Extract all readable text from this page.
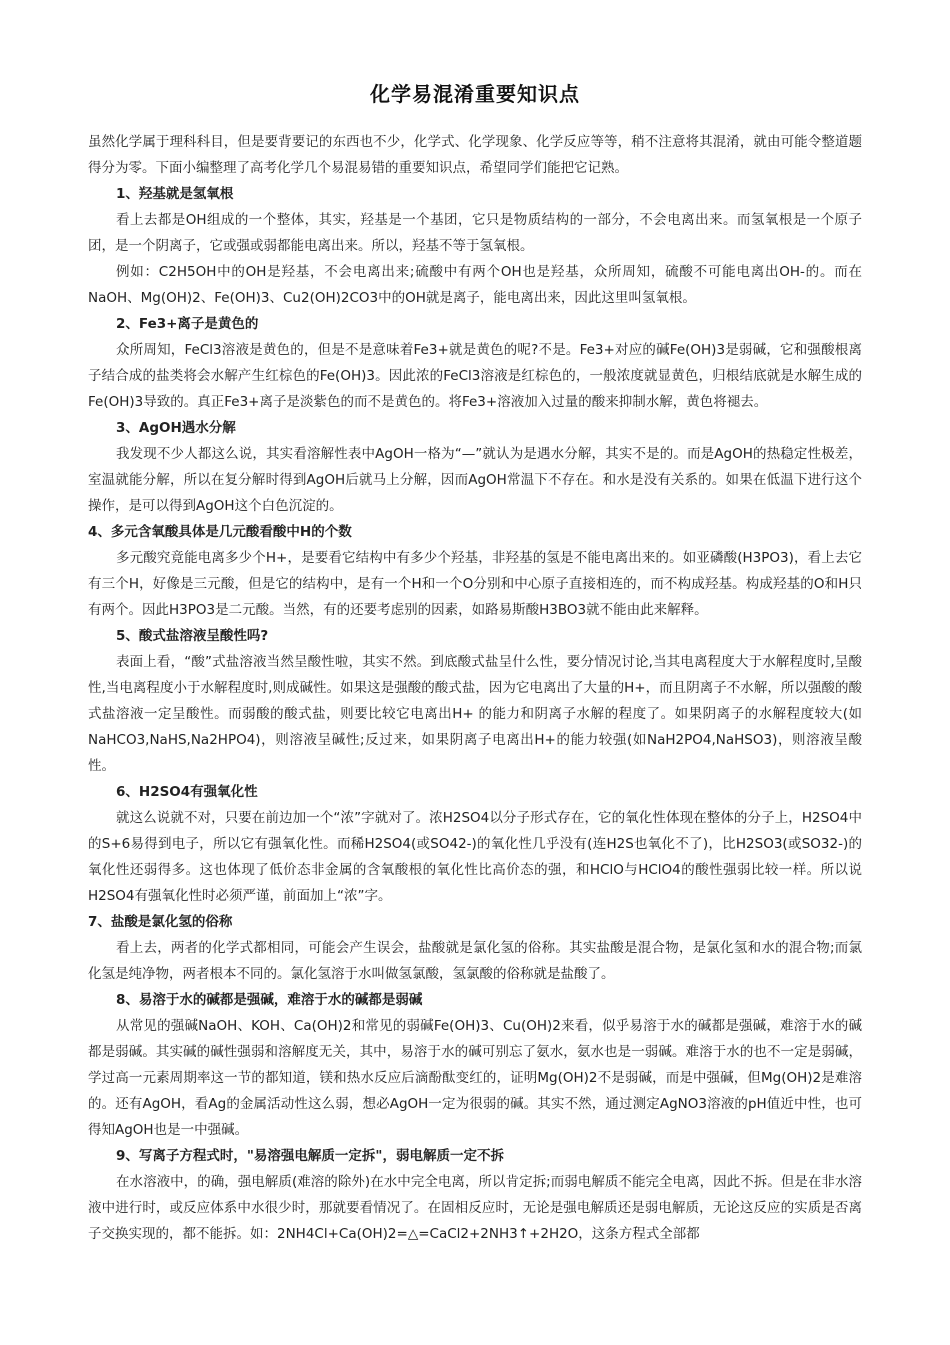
化学易混淆重要知识点

虽然化学属于理科科目，但是要背要记的东西也不少，化学式、化学现象、化学反应等等，稍不注意将其混淆，就由可能令整道题得分为零。下面小编整理了高考化学几个易混易错的重要知识点，希望同学们能把它记熟。

1、羟基就是氢氧根

看上去都是OH组成的一个整体，其实，羟基是一个基团，它只是物质结构的一部分，不会电离出来。而氢氧根是一个原子团，是一个阴离子，它或强或弱都能电离出来。所以，羟基不等于氢氧根。

例如：C2H5OH中的OH是羟基，不会电离出来;硫酸中有两个OH也是羟基，众所周知，硫酸不可能电离出OH-的。而在NaOH、Mg(OH)2、Fe(OH)3、Cu2(OH)2CO3中的OH就是离子，能电离出来，因此这里叫氢氧根。

2、Fe3+离子是黄色的

众所周知，FeCl3溶液是黄色的，但是不是意味着Fe3+就是黄色的呢?不是。Fe3+对应的碱Fe(OH)3是弱碱，它和强酸根离子结合成的盐类将会水解产生红棕色的Fe(OH)3。因此浓的FeCl3溶液是红棕色的，一般浓度就显黄色，归根结底就是水解生成的Fe(OH)3导致的。真正Fe3+离子是淡紫色的而不是黄色的。将Fe3+溶液加入过量的酸来抑制水解，黄色将褪去。

3、AgOH遇水分解

我发现不少人都这么说，其实看溶解性表中AgOH一格为“—”就认为是遇水分解，其实不是的。而是AgOH的热稳定性极差，室温就能分解，所以在复分解时得到AgOH后就马上分解，因而AgOH常温下不存在。和水是没有关系的。如果在低温下进行这个操作，是可以得到AgOH这个白色沉淀的。

4、多元含氧酸具体是几元酸看酸中H的个数

多元酸究竟能电离多少个H+，是要看它结构中有多少个羟基，非羟基的氢是不能电离出来的。如亚磷酸(H3PO3)，看上去它有三个H，好像是三元酸，但是它的结构中，是有一个H和一个O分别和中心原子直接相连的，而不构成羟基。构成羟基的O和H只有两个。因此H3PO3是二元酸。当然，有的还要考虑别的因素，如路易斯酸H3BO3就不能由此来解释。

5、酸式盐溶液呈酸性吗?

表面上看，“酸”式盐溶液当然呈酸性啦，其实不然。到底酸式盐呈什么性，要分情况讨论,当其电离程度大于水解程度时,呈酸性,当电离程度小于水解程度时,则成碱性。如果这是强酸的酸式盐，因为它电离出了大量的H+，而且阴离子不水解，所以强酸的酸式盐溶液一定呈酸性。而弱酸的酸式盐，则要比较它电离出H+ 的能力和阴离子水解的程度了。如果阴离子的水解程度较大(如NaHCO3,NaHS,Na2HPO4)，则溶液呈碱性;反过来，如果阴离子电离出H+的能力较强(如NaH2PO4,NaHSO3)，则溶液呈酸性。

6、H2SO4有强氧化性

就这么说就不对，只要在前边加一个“浓”字就对了。浓H2SO4以分子形式存在，它的氧化性体现在整体的分子上，H2SO4中的S+6易得到电子，所以它有强氧化性。而稀H2SO4(或SO42-)的氧化性几乎没有(连H2S也氧化不了)，比H2SO3(或SO32-)的氧化性还弱得多。这也体现了低价态非金属的含氧酸根的氧化性比高价态的强，和HClO与HClO4的酸性强弱比较一样。所以说H2SO4有强氧化性时必须严谨，前面加上“浓”字。

7、盐酸是氯化氢的俗称

看上去，两者的化学式都相同，可能会产生误会，盐酸就是氯化氢的俗称。其实盐酸是混合物，是氯化氢和水的混合物;而氯化氢是纯净物，两者根本不同的。氯化氢溶于水叫做氢氯酸，氢氯酸的俗称就是盐酸了。

8、易溶于水的碱都是强碱，难溶于水的碱都是弱碱

从常见的强碱NaOH、KOH、Ca(OH)2和常见的弱碱Fe(OH)3、Cu(OH)2来看，似乎易溶于水的碱都是强碱，难溶于水的碱都是弱碱。其实碱的碱性强弱和溶解度无关，其中，易溶于水的碱可别忘了氨水，氨水也是一弱碱。难溶于水的也不一定是弱碱，学过高一元素周期率这一节的都知道，镁和热水反应后滴酚酞变红的，证明Mg(OH)2不是弱碱，而是中强碱，但Mg(OH)2是难溶的。还有AgOH，看Ag的金属活动性这么弱，想必AgOH一定为很弱的碱。其实不然，通过测定AgNO3溶液的pH值近中性，也可得知AgOH也是一中强碱。

9、写离子方程式时，"易溶强电解质一定拆"，弱电解质一定不拆

在水溶液中，的确，强电解质(难溶的除外)在水中完全电离，所以肯定拆;而弱电解质不能完全电离，因此不拆。但是在非水溶液中进行时，或反应体系中水很少时，那就要看情况了。在固相反应时，无论是强电解质还是弱电解质，无论这反应的实质是否离子交换实现的，都不能拆。如：2NH4Cl+Ca(OH)2=△=CaCl2+2NH3↑+2H2O，这条方程式全部都
